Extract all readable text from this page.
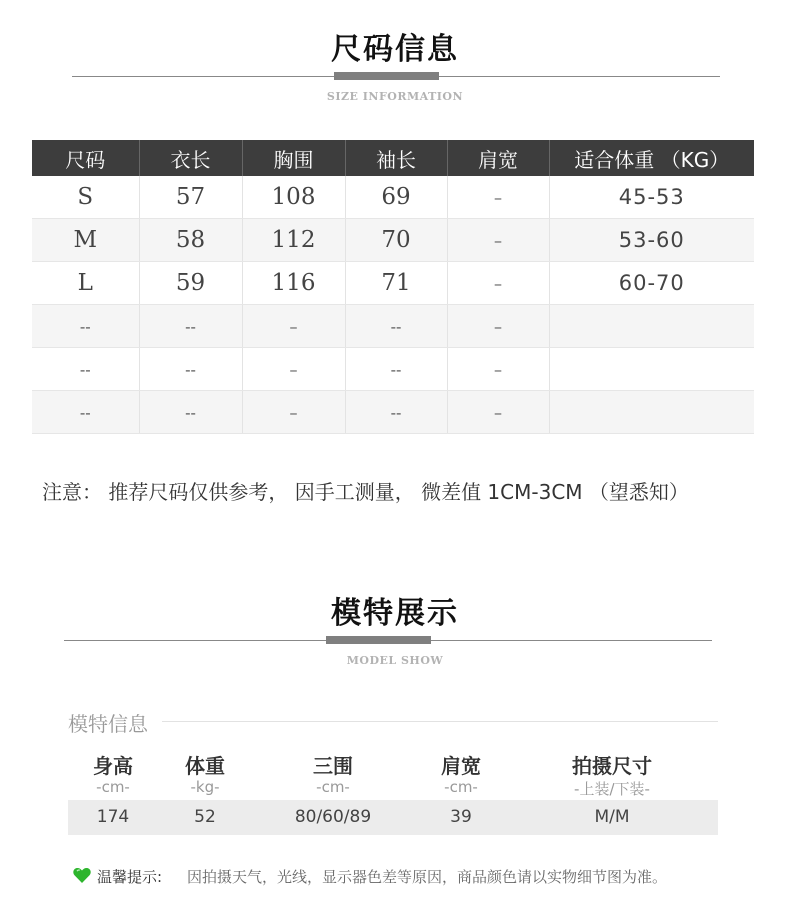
尺码信息
SIZE INFORMATION
尺码	衣长	胸围	袖长	肩宽	适合体重 （KG）
S	57	108	69	–	45-53
M	58	112	70	–	53-60
L	59	116	71	–	60-70
--	--	–	--	–	
--	--	–	--	–	
--	--	–	--	–	
注意： 推荐尺码仅供参考， 因手工测量， 微差值 1CM-3CM （望悉知）
模特展示
MODEL SHOW
模特信息
身高	体重	三围	肩宽	拍摄尺寸
-cm-	-kg-	-cm-	-cm-	-上装/下装-
174	52	80/60/89	39	M/M
温馨提示: 因拍摄天气，光线，显示器色差等原因，商品颜色请以实物细节图为准。
